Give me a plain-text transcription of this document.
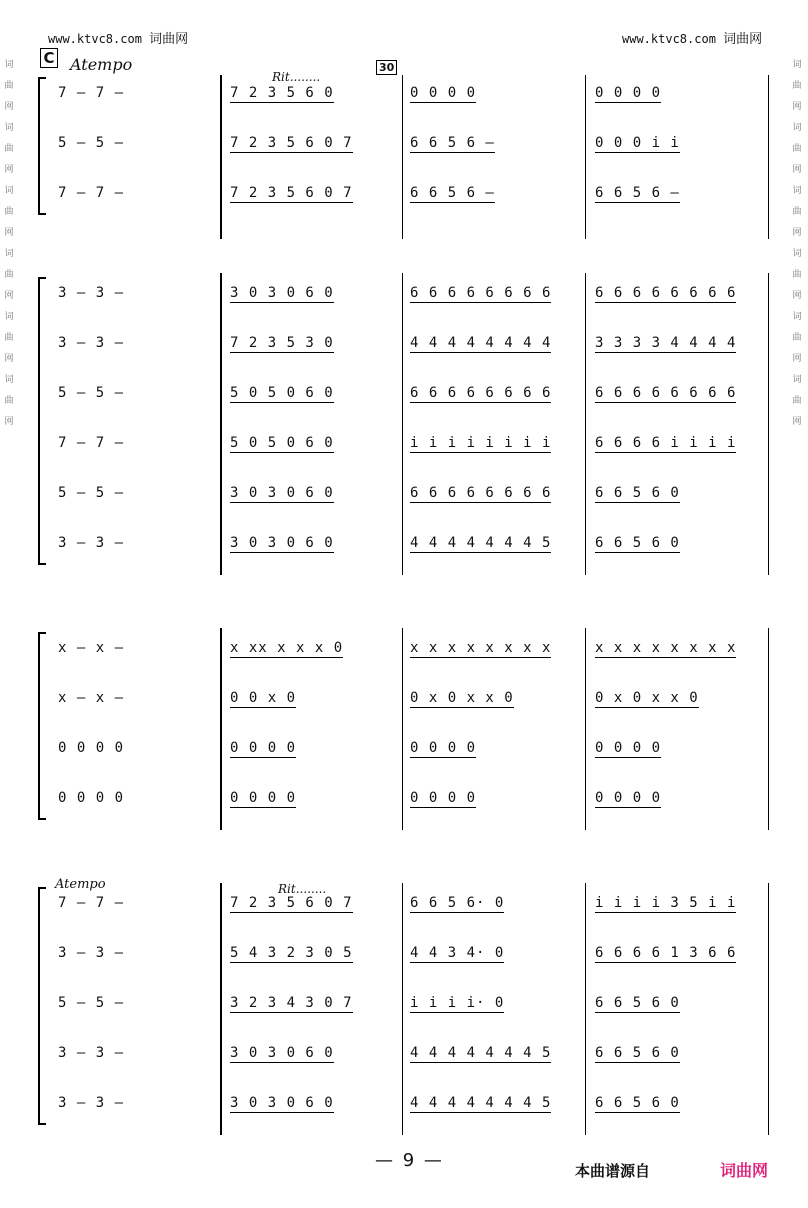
www.ktvc8.com 词曲网	www.ktvc8.com 词曲网
词
曲
网
词
曲
网
词
曲
网
词
曲
网
词
曲
网
词
曲
网
词
曲
网
词
曲
网
词
曲
网
词
曲
网
词
曲
网
词
曲
网
C Atempo
Rit........
30
Atempo	Rit........
7 — 7 —	7 2 3 5 6 0	0 0 0 0	0 0 0 0
5 — 5 —	7 2 3 5 6 0 7	6 6 5 6 —	0 0 0 i i
7 — 7 —	7 2 3 5 6 0 7	6 6 5 6 —	6 6 5 6 —
3 — 3 —	3 0 3 0 6 0	6 6 6 6 6 6 6 6	6 6 6 6 6 6 6 6
3 — 3 —	7 2 3 5 3 0	4 4 4 4 4 4 4 4	3 3 3 3 4 4 4 4
5 — 5 —	5 0 5 0 6 0	6 6 6 6 6 6 6 6	6 6 6 6 6 6 6 6
7 — 7 —	5 0 5 0 6 0	i i i i i i i i	6 6 6 6 i i i i
5 — 5 —	3 0 3 0 6 0	6 6 6 6 6 6 6 6	6 6 5 6 0
3 — 3 —	3 0 3 0 6 0	4 4 4 4 4 4 4 5	6 6 5 6 0
x — x —	x xx x x x 0	x x x x x x x x	x x x x x x x x
x — x —	0 0 x 0	0 x 0 x x 0	0 x 0 x x 0
0 0 0 0	0 0 0 0	0 0 0 0	0 0 0 0
0 0 0 0	0 0 0 0	0 0 0 0	0 0 0 0
7 — 7 —	7 2 3 5 6 0 7	6 6 5 6· 0	i i i i 3 5 i i
3 — 3 —	5 4 3 2 3 0 5	4 4 3 4· 0	6 6 6 6 1 3 6 6
5 — 5 —	3 2 3 4 3 0 7	i i i i· 0	6 6 5 6 0
3 — 3 —	3 0 3 0 6 0	4 4 4 4 4 4 4 5	6 6 5 6 0
3 — 3 —	3 0 3 0 6 0	4 4 4 4 4 4 4 5	6 6 5 6 0
— 9 —	本曲谱源自	词曲网
